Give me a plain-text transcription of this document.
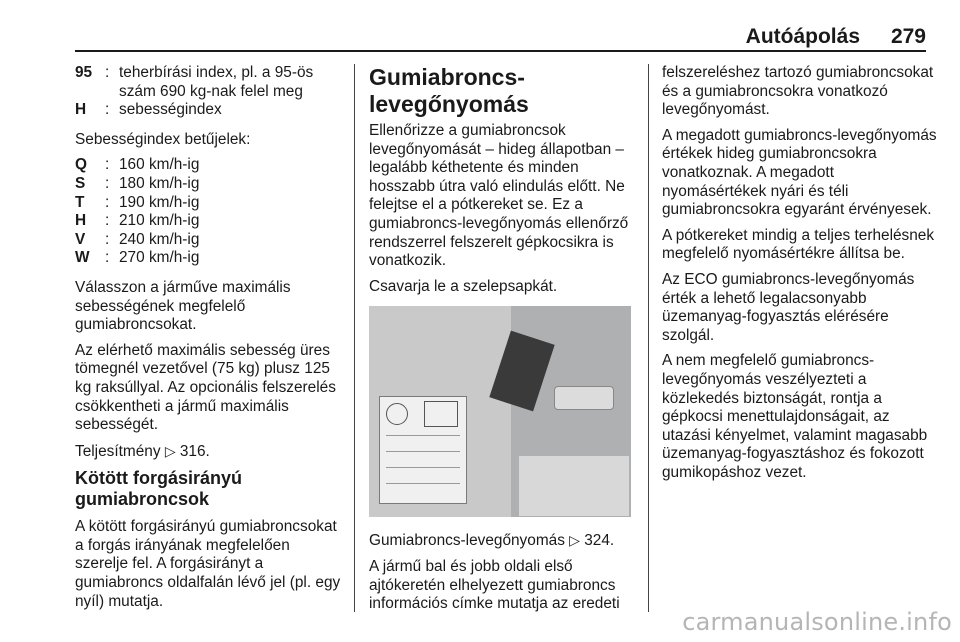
Autóápolás 279
95 : teherbírási index, pl. a 95-ös szám 690 kg-nak felel meg
H	: sebességindex

Sebességindex betűjelek:

Q	: 160 km/h-ig
S	: 180 km/h-ig
T	: 190 km/h-ig
H	: 210 km/h-ig
V	: 240 km/h-ig
W	: 270 km/h-ig

Válasszon a járműve maximális sebességének megfelelő gumiabroncsokat.

Az elérhető maximális sebesség üres tömegnél vezetővel (75 kg) plusz 125 kg raksúllyal. Az opcionális felszerelés csökkentheti a jármű maximális sebességét.

Teljesítmény ▷ 316.

Kötött forgásirányú gumiabroncsok

A kötött forgásirányú gumiabroncsokat a forgás irányának megfelelően szerelje fel. A forgásirányt a gumiabroncs oldalfalán lévő jel (pl. egy nyíl) mutatja.

Gumiabroncs-levegőnyomás

Ellenőrizze a gumiabroncsok levegőnyomását – hideg állapotban – legalább kéthetente és minden hosszabb útra való elindulás előtt. Ne felejtse el a pótkereket se. Ez a gumiabroncs-levegőnyomás ellenőrző rendszerrel felszerelt gépkocsikra is vonatkozik.

Csavarja le a szelepsapkát.

Gumiabroncs-levegőnyomás ▷ 324.

A jármű bal és jobb oldali első ajtókeretén elhelyezett gumiabroncs információs címke mutatja az eredeti

felszereléshez tartozó gumiabroncsokat és a gumiabroncsokra vonatkozó levegőnyomást.

A megadott gumiabroncs-levegőnyomás értékek hideg gumiabroncsokra vonatkoznak. A megadott nyomásértékek nyári és téli gumiabroncsokra egyaránt érvényesek.

A pótkereket mindig a teljes terhelésnek megfelelő nyomásértékre állítsa be.

Az ECO gumiabroncs-levegőnyomás érték a lehető legalacsonyabb üzemanyag-fogyasztás elérésére szolgál.

A nem megfelelő gumiabroncs-levegőnyomás veszélyezteti a közlekedés biztonságát, rontja a gépkocsi menettulajdonságait, az utazási kényelmet, valamint magasabb üzemanyag-fogyasztáshoz és fokozott gumikopáshoz vezet.

carmanualsonline.info
